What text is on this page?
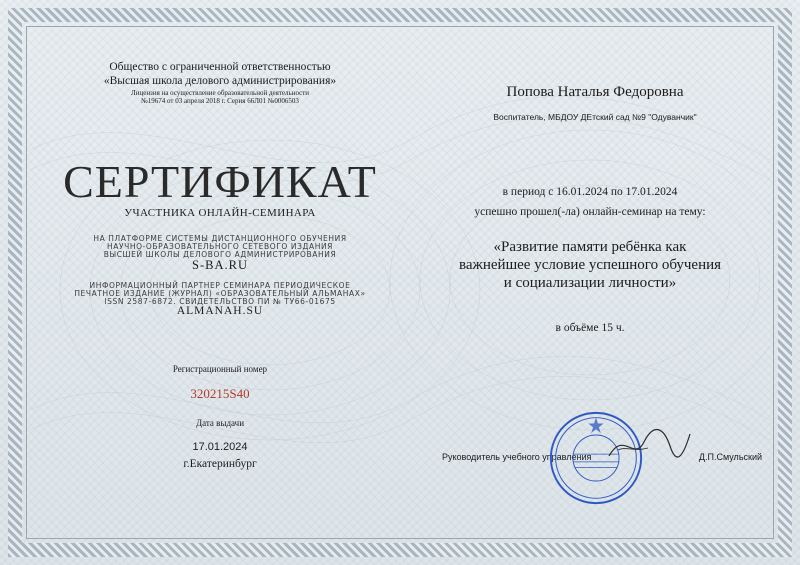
Общество с ограниченной ответственностью
«Высшая школа делового администрирования»
Лицензия на осуществление образовательной деятельности
№19674 от 03 апреля 2018 г. Серия 66Л01 №0006503
СЕРТИФИКАТ
УЧАСТНИКА ОНЛАЙН-СЕМИНАРА
НА ПЛАТФОРМЕ СИСТЕМЫ ДИСТАНЦИОННОГО ОБУЧЕНИЯ
НАУЧНО-ОБРАЗОВАТЕЛЬНОГО СЕТЕВОГО ИЗДАНИЯ
ВЫСШЕЙ ШКОЛЫ ДЕЛОВОГО АДМИНИСТРИРОВАНИЯ
S-BA.RU
ИНФОРМАЦИОННЫЙ ПАРТНЕР СЕМИНАРА ПЕРИОДИЧЕСКОЕ
ПЕЧАТНОЕ ИЗДАНИЕ (ЖУРНАЛ) «ОБРАЗОВАТЕЛЬНЫЙ АЛЬМАНАХ»
ISSN 2587-6872. СВИДЕТЕЛЬСТВО ПИ № ТУ66-01675
ALMANAH.SU
Регистрационный номер
320215S40
Дата выдачи
17.01.2024
г.Екатеринбург
Попова Наталья Федоровна
Воспитатель, МБДОУ ДЕтский сад №9 "Одуванчик"
в период с 16.01.2024 по 17.01.2024
успешно прошел(-ла) онлайн-семинар на тему:
«Развитие памяти ребёнка как
важнейшее условие успешного обучения
и социализации личности»
в объёме 15 ч.
Руководитель учебного управления	Д.П.Смульский
